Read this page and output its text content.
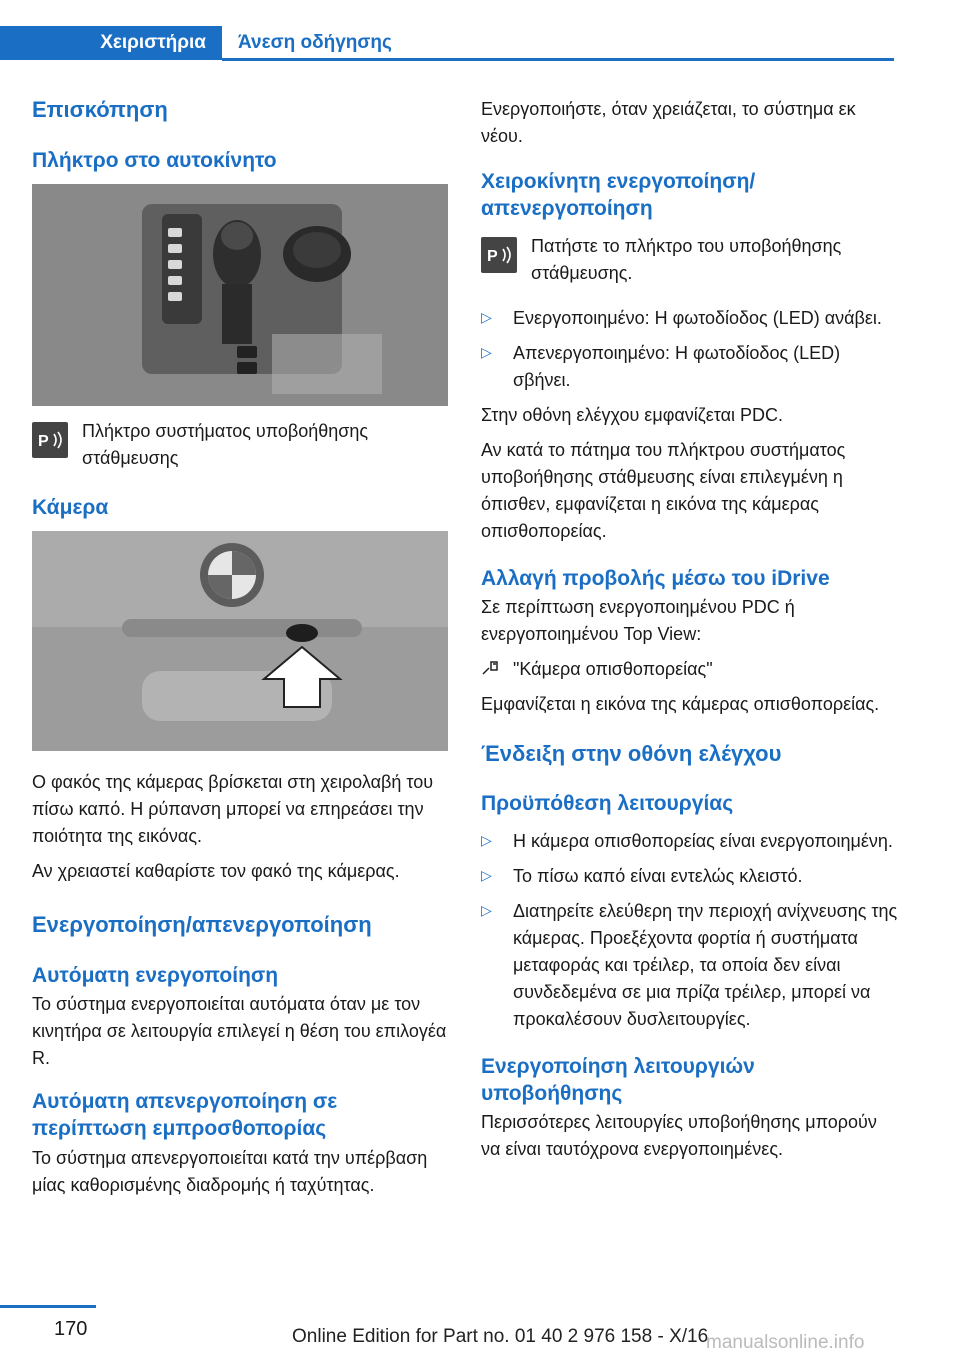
Χειριστήρια Άνεση οδήγησης
Επισκόπηση
Πλήκτρο στο αυτοκίνητο
P

Πλήκτρο συστήματος υποβοήθησης στάθμευσης

Κάμερα

Ο φακός της κάμερας βρίσκεται στη χειρολαβή του πίσω καπό. Η ρύπανση μπορεί να επηρεάσει την ποιότητα της εικόνας.

Αν χρειαστεί καθαρίστε τον φακό της κάμερας.

Ενεργοποίηση/απενεργοποίηση
Αυτόματη ενεργοποίηση

Το σύστημα ενεργοποιείται αυτόματα όταν με τον κινητήρα σε λειτουργία επιλεγεί η θέση του επιλογέα R.

Αυτόματη απενεργοποίηση σε περίπτωση εμπροσθοπορίας

Το σύστημα απενεργοποιείται κατά την υπέρβαση μίας καθορισμένης διαδρομής ή ταχύτητας.

Ενεργοποιήστε, όταν χρειάζεται, το σύστημα εκ νέου.

Χειροκίνητη ενεργοποίηση/απενεργοποίηση
P

Πατήστε το πλήκτρο του υποβοήθησης στάθμευσης.

▷ Ενεργοποιημένο: Η φωτοδίοδος (LED) ανάβει.
▷ Απενεργοποιημένο: Η φωτοδίοδος (LED) σβήνει.

Στην οθόνη ελέγχου εμφανίζεται PDC.

Αν κατά το πάτημα του πλήκτρου συστήματος υποβοήθησης στάθμευσης είναι επιλεγμένη η όπισθεν, εμφανίζεται η εικόνα της κάμερας οπισθοπορείας.

Αλλαγή προβολής μέσω του iDrive

Σε περίπτωση ενεργοποιημένου PDC ή ενεργοποιημένου Top View:

"Κάμερα οπισθοπορείας"

Εμφανίζεται η εικόνα της κάμερας οπισθοπορείας.

Ένδειξη στην οθόνη ελέγχου
Προϋπόθεση λειτουργίας
▷ Η κάμερα οπισθοπορείας είναι ενεργοποιημένη.
▷ Το πίσω καπό είναι εντελώς κλειστό.
▷ Διατηρείτε ελεύθερη την περιοχή ανίχνευσης της κάμερας. Προεξέχοντα φορτία ή συστήματα μεταφοράς και τρέιλερ, τα οποία δεν είναι συνδεδεμένα σε μια πρίζα τρέιλερ, μπορεί να προκαλέσουν δυσλειτουργίες.
Ενεργοποίηση λειτουργιών υποβοήθησης

Περισσότερες λειτουργίες υποβοήθησης μπορούν να είναι ταυτόχρονα ενεργοποιημένες.

170	Online Edition for Part no. 01 40 2 976 158 - X/16
manualsonline.info
